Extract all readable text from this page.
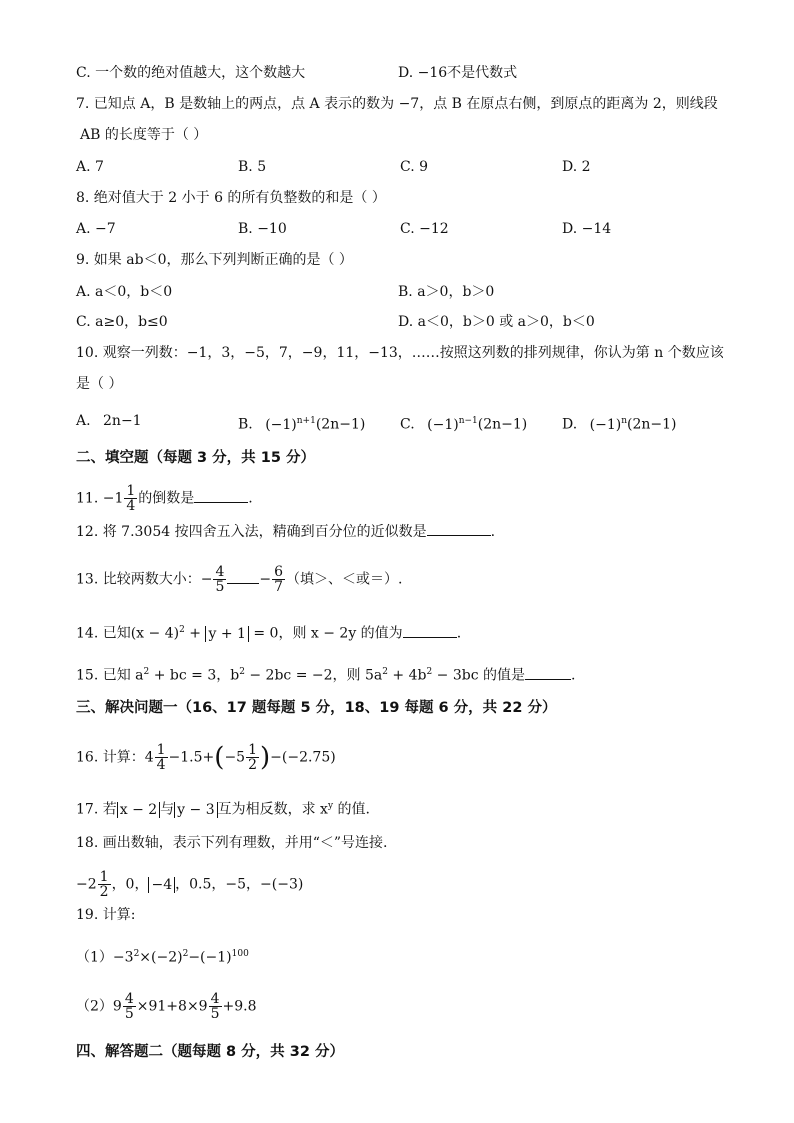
C. 一个数的绝对值越大，这个数越大	D. −16不是代数式
7. 已知点 A，B 是数轴上的两点，点 A 表示的数为 −7，点 B 在原点右侧，到原点的距离为 2，则线段
AB 的长度等于（ ）
A. 7	B. 5	C. 9	D. 2
8. 绝对值大于 2 小于 6 的所有负整数的和是（ ）
A. −7	B. −10	C. −12	D. −14
9. 如果 ab＜0，那么下列判断正确的是（ ）
A. a＜0，b＜0	B. a＞0，b＞0
C. a≥0，b≤0	D. a＜0，b＞0 或 a＞0，b＜0
10. 观察一列数：−1，3，−5，7，−9，11，−13，……按照这列数的排列规律，你认为第 n 个数应该
是（ ）
A. 2n−1	B. $(-1)^{n+1}(2n-1)$ C. $(-1)^{n-1}(2n-1)$ D. $(-1)^n(2n-1)$
二、填空题（每题 3 分，共 15 分）
11. $-1 \frac{1}{4}$ 的倒数是	.
12. 将 7.3054 按四舍五入法，精确到百分位的近似数是	.
13. 比较两数大小：− $\frac{4}{5} - \frac{6}{7}$ （填＞、＜或＝）.
14. 已知$(x - 4)^2 + y + 1 = 0$，则 x − 2y 的值为	.
15. 已知 $a^2$ + bc = 3，$b^2 - 2bc = -2$，则 $5a^2 + 4b^2 - 3bc$ 的值是	.
三、解决问题一（16、17 题每题 5 分，18、19 每题 6 分，共 22 分）
16. 计算：$4 \frac{1}{4} -1.5+(-5 \frac{1}{2} )-(-2.75)$
17. 若 x − 2 与 y − 3 互为相反数，求 $x^y$ 的值.
18. 画出数轴，表示下列有理数，并用“＜”号连接.
$-2 \frac{1}{2}$ ，0， −4 ，0.5，−5，−(−3)
19. 计算:
$(1)-3^2\times(-2)^2-(-1)^{100}$
$(2)9 \frac{4}{5} \times 91+8\times 9 \frac{4}{5} +9.8$
四、解答题二（题每题 8 分，共 32 分）
